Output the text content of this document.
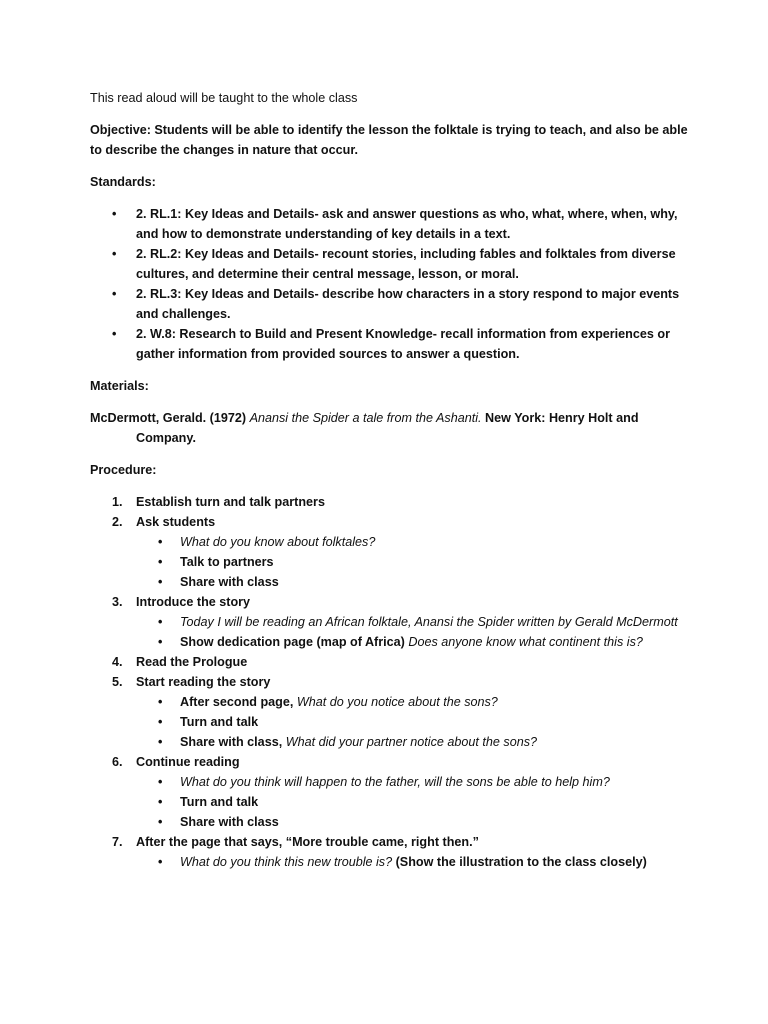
This read aloud will be taught to the whole class

Objective: Students will be able to identify the lesson the folktale is trying to teach, and also be able to describe the changes in nature that occur.

Standards:

• 2. RL.1: Key Ideas and Details- ask and answer questions as who, what, where, when, why, and how to demonstrate understanding of key details in a text.
• 2. RL.2: Key Ideas and Details- recount stories, including fables and folktales from diverse cultures, and determine their central message, lesson, or moral.
• 2. RL.3: Key Ideas and Details- describe how characters in a story respond to major events and challenges.
• 2. W.8: Research to Build and Present Knowledge- recall information from experiences or gather information from provided sources to answer a question.

Materials:

McDermott, Gerald. (1972) Anansi the Spider a tale from the Ashanti. New York: Henry Holt and Company.

Procedure:

1. Establish turn and talk partners
2. Ask students
• What do you know about folktales?
• Talk to partners
• Share with class
3. Introduce the story
• Today I will be reading an African folktale, Anansi the Spider written by Gerald McDermott
• Show dedication page (map of Africa) Does anyone know what continent this is?
4. Read the Prologue
5. Start reading the story
• After second page, What do you notice about the sons?
• Turn and talk
• Share with class, What did your partner notice about the sons?
6. Continue reading
• What do you think will happen to the father, will the sons be able to help him?
• Turn and talk
• Share with class
7. After the page that says, “More trouble came, right then.”
• What do you think this new trouble is? (Show the illustration to the class closely)
